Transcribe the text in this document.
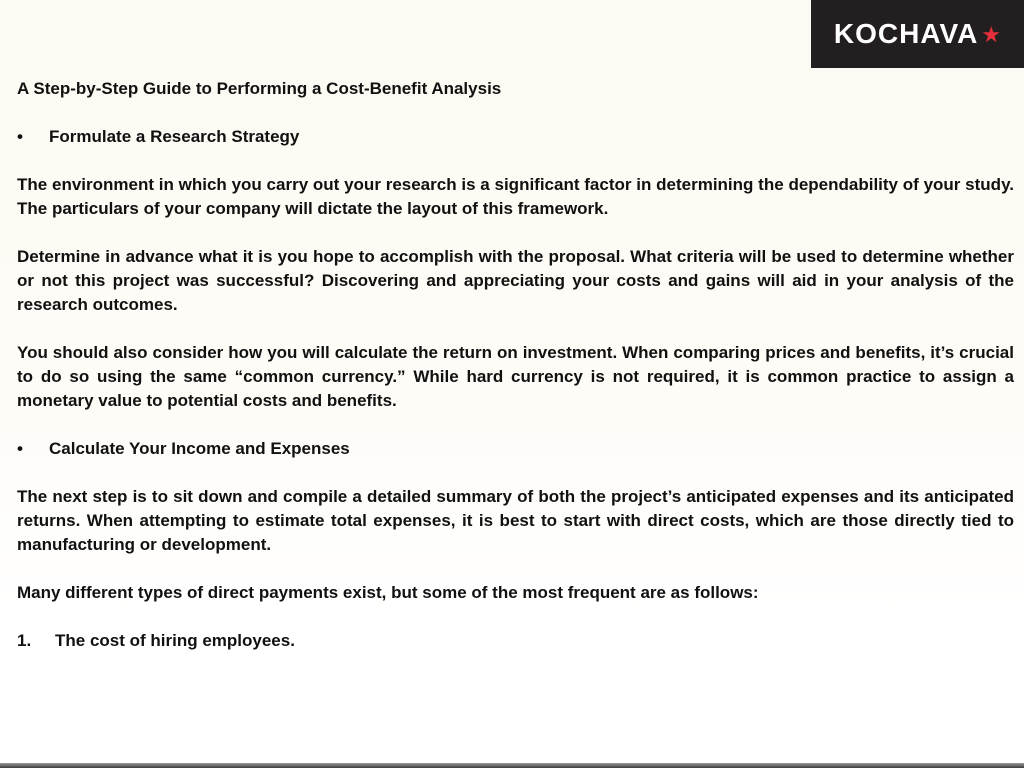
KOCHAVA ★

A Step-by-Step Guide to Performing a Cost-Benefit Analysis

•	Formulate a Research Strategy

The environment in which you carry out your research is a significant factor in determining the dependability of your study. The particulars of your company will dictate the layout of this framework.

Determine in advance what it is you hope to accomplish with the proposal. What criteria will be used to determine whether or not this project was successful? Discovering and appreciating your costs and gains will aid in your analysis of the research outcomes.

You should also consider how you will calculate the return on investment. When comparing prices and benefits, it’s crucial to do so using the same “common currency.” While hard currency is not required, it is common practice to assign a monetary value to potential costs and benefits.

•	Calculate Your Income and Expenses

The next step is to sit down and compile a detailed summary of both the project’s anticipated expenses and its anticipated returns. When attempting to estimate total expenses, it is best to start with direct costs, which are those directly tied to manufacturing or development.

Many different types of direct payments exist, but some of the most frequent are as follows:

1.	The cost of hiring employees.
